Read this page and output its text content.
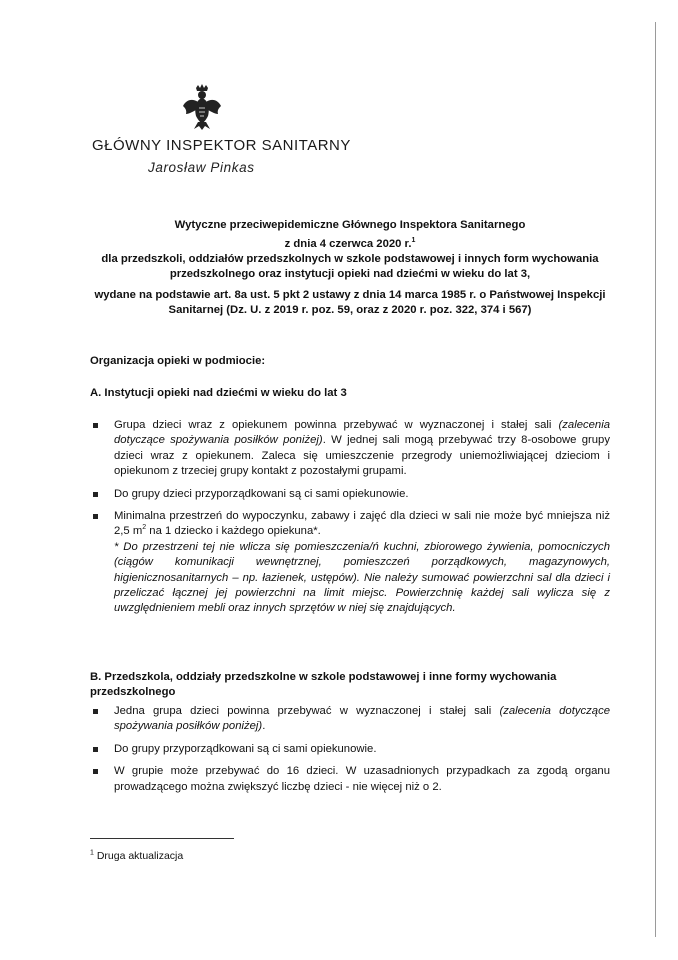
GŁÓWNY INSPEKTOR SANITARNY
Jarosław Pinkas

Wytyczne przeciwepidemiczne Głównego Inspektora Sanitarnego

z dnia 4 czerwca 2020 r.$^1$

dla przedszkoli, oddziałów przedszkolnych w szkole podstawowej i innych form wychowania przedszkolnego oraz instytucji opieki nad dziećmi w wieku do lat 3,

wydane na podstawie art. 8a ust. 5 pkt 2 ustawy z dnia 14 marca 1985 r. o Państwowej Inspekcji Sanitarnej (Dz. U. z 2019 r. poz. 59, oraz z 2020 r. poz. 322, 374 i 567)

Organizacja opieki w podmiocie:
A. Instytucji opieki nad dziećmi w wieku do lat 3
Grupa dzieci wraz z opiekunem powinna przebywać w wyznaczonej i stałej sali (zalecenia dotyczące spożywania posiłków poniżej). W jednej sali mogą przebywać trzy 8-osobowe grupy dzieci wraz z opiekunem. Zaleca się umieszczenie przegrody uniemożliwiającej dzieciom i opiekunom z trzeciej grupy kontakt z pozostałymi grupami.
Do grupy dzieci przyporządkowani są ci sami opiekunowie.
Minimalna przestrzeń do wypoczynku, zabawy i zajęć dla dzieci w sali nie może być mniejsza niż 2,5 $m^2$ na 1 dziecko i każdego opiekuna*.
* Do przestrzeni tej nie wlicza się pomieszczenia/ń kuchni, zbiorowego żywienia, pomocniczych (ciągów komunikacji wewnętrznej, pomieszczeń porządkowych, magazynowych, higienicznosanitarnych – np. łazienek, ustępów). Nie należy sumować powierzchni sal dla dzieci i przeliczać łącznej jej powierzchni na limit miejsc. Powierzchnię każdej sali wylicza się z uwzględnieniem mebli oraz innych sprzętów w niej się znajdujących.
B. Przedszkola, oddziały przedszkolne w szkole podstawowej i inne formy wychowania przedszkolnego
Jedna grupa dzieci powinna przebywać w wyznaczonej i stałej sali (zalecenia dotyczące spożywania posiłków poniżej).
Do grupy przyporządkowani są ci sami opiekunowie.
W grupie może przebywać do 16 dzieci. W uzasadnionych przypadkach za zgodą organu prowadzącego można zwiększyć liczbę dzieci - nie więcej niż o 2.
$^1$ Druga aktualizacja
